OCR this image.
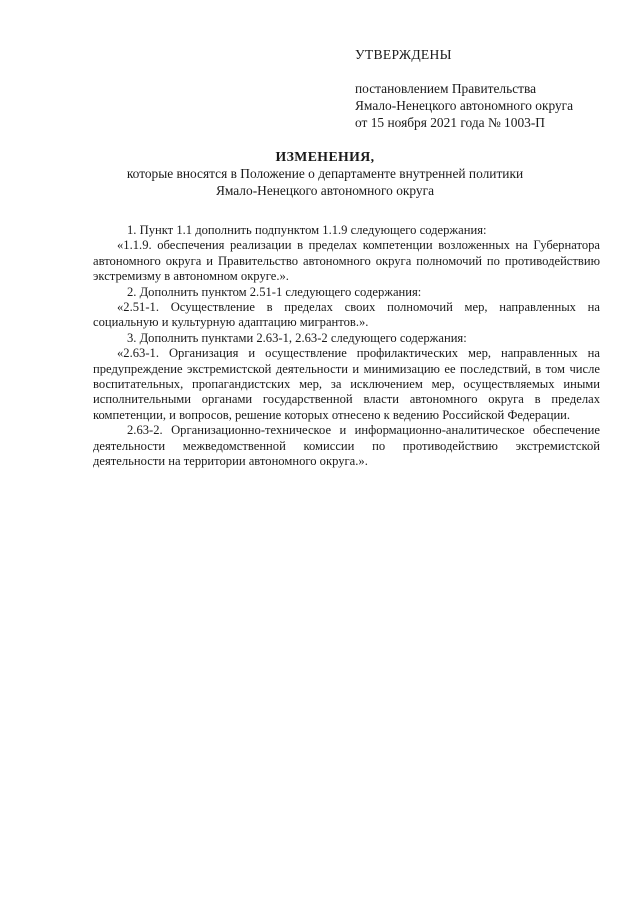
УТВЕРЖДЕНЫ
постановлением Правительства
Ямало-Ненецкого автономного округа
от 15 ноября 2021 года № 1003-П
ИЗМЕНЕНИЯ,
которые вносятся в Положение о департаменте внутренней политики
Ямало-Ненецкого автономного округа

1. Пункт 1.1 дополнить подпунктом 1.1.9 следующего содержания:

«1.1.9. обеспечения реализации в пределах компетенции возложенных на Губернатора автономного округа и Правительство автономного округа полномочий по противодействию экстремизму в автономном округе.».

2. Дополнить пунктом 2.51-1 следующего содержания:

«2.51-1. Осуществление в пределах своих полномочий мер, направленных на социальную и культурную адаптацию мигрантов.».

3. Дополнить пунктами 2.63-1, 2.63-2 следующего содержания:

«2.63-1. Организация и осуществление профилактических мер, направленных на предупреждение экстремистской деятельности и минимизацию ее последствий, в том числе воспитательных, пропагандистских мер, за исключением мер, осуществляемых иными исполнительными органами государственной власти автономного округа в пределах компетенции, и вопросов, решение которых отнесено к ведению Российской Федерации.

2.63-2. Организационно-техническое и информационно-аналитическое обеспечение деятельности межведомственной комиссии по противодействию экстремистской деятельности на территории автономного округа.».
